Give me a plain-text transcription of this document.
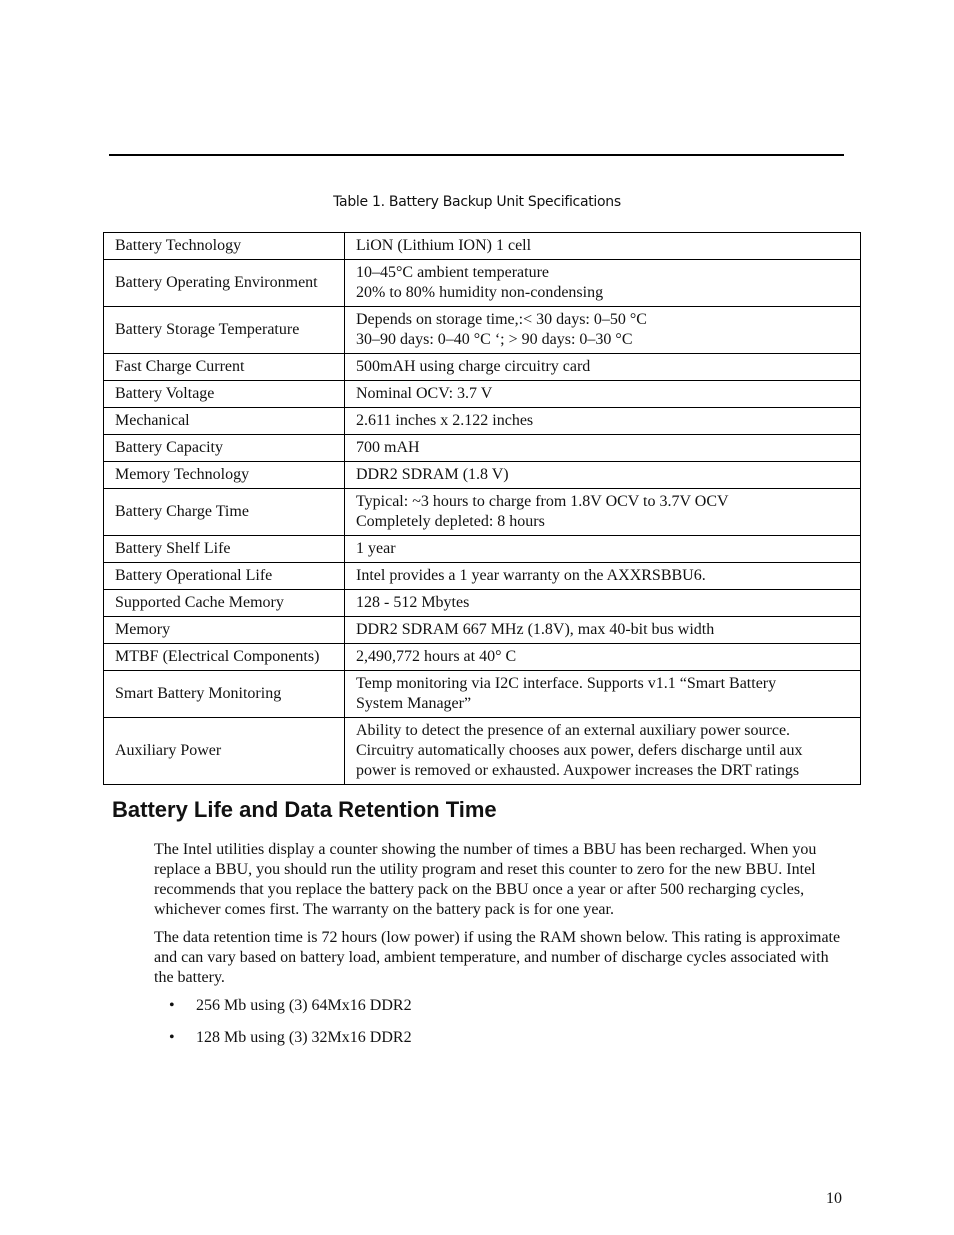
Table 1. Battery Backup Unit Specifications
Battery Technology	LiON (Lithium ION) 1 cell
Battery Operating Environment	10–45°C ambient temperature
20% to 80% humidity non-condensing
Battery Storage Temperature	Depends on storage time,:< 30 days: 0–50 °C
30–90 days: 0–40 °C ‘; > 90 days: 0–30 °C
Fast Charge Current	500mAH using charge circuitry card
Battery Voltage	Nominal OCV: 3.7 V
Mechanical	2.611 inches x 2.122 inches
Battery Capacity	700 mAH
Memory Technology	DDR2 SDRAM (1.8 V)
Battery Charge Time	Typical: ~3 hours to charge from 1.8V OCV to 3.7V OCV
Completely depleted: 8 hours
Battery Shelf Life	1 year
Battery Operational Life	Intel provides a 1 year warranty on the AXXRSBBU6.
Supported Cache Memory	128 - 512 Mbytes
Memory	DDR2 SDRAM 667 MHz (1.8V), max 40-bit bus width
MTBF (Electrical Components)	2,490,772 hours at 40° C
Smart Battery Monitoring	Temp monitoring via I2C interface. Supports v1.1 “Smart Battery
System Manager”
Auxiliary Power	Ability to detect the presence of an external auxiliary power source.
Circuitry automatically chooses aux power, defers discharge until aux
power is removed or exhausted. Auxpower increases the DRT ratings
Battery Life and Data Retention Time

The Intel utilities display a counter showing the number of times a BBU has been recharged. When you replace a BBU, you should run the utility program and reset this counter to zero for the new BBU. Intel recommends that you replace the battery pack on the BBU once a year or after 500 recharging cycles, whichever comes first. The warranty on the battery pack is for one year.

The data retention time is 72 hours (low power) if using the RAM shown below. This rating is approximate and can vary based on battery load, ambient temperature, and number of discharge cycles associated with the battery.

• 256 Mb using (3) 64Mx16 DDR2
• 128 Mb using (3) 32Mx16 DDR2
10
